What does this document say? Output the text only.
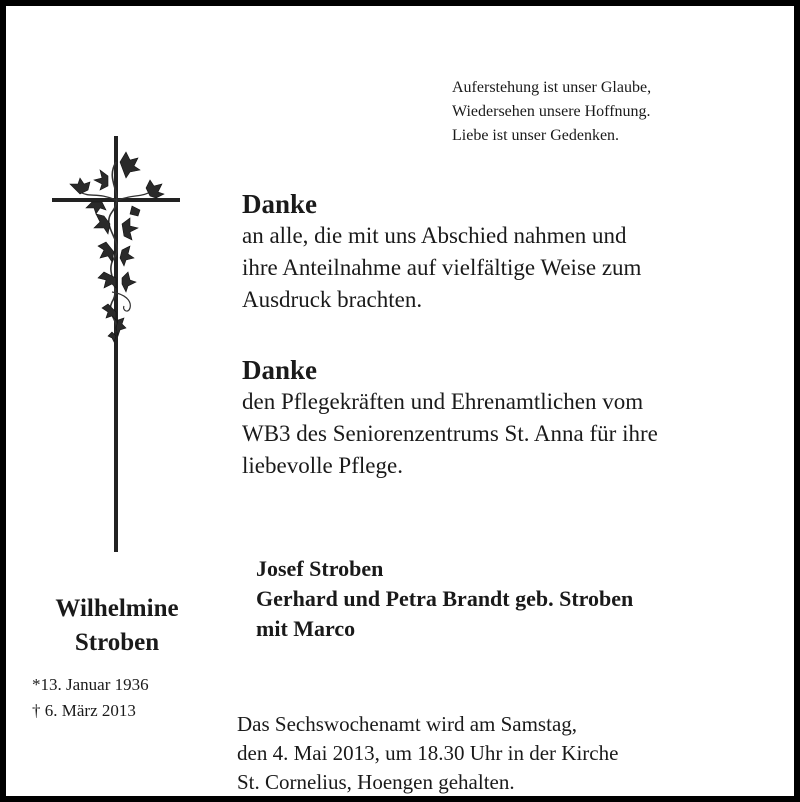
Auferstehung ist unser Glaube,
Wiedersehen unsere Hoffnung.
Liebe ist unser Gedenken.
Danke
an alle, die mit uns Abschied nahmen und
ihre Anteilnahme auf vielfältige Weise zum
Ausdruck brachten.
Danke
den Pflegekräften und Ehrenamtlichen vom
WB3 des Seniorenzentrums St. Anna für ihre
liebevolle Pflege.
Josef Stroben
Gerhard und Petra Brandt geb. Stroben
mit Marco
Wilhelmine
Stroben
*13. Januar 1936
† 6. März 2013
Das Sechswochenamt wird am Samstag,
den 4. Mai 2013, um 18.30 Uhr in der Kirche
St. Cornelius, Hoengen gehalten.
